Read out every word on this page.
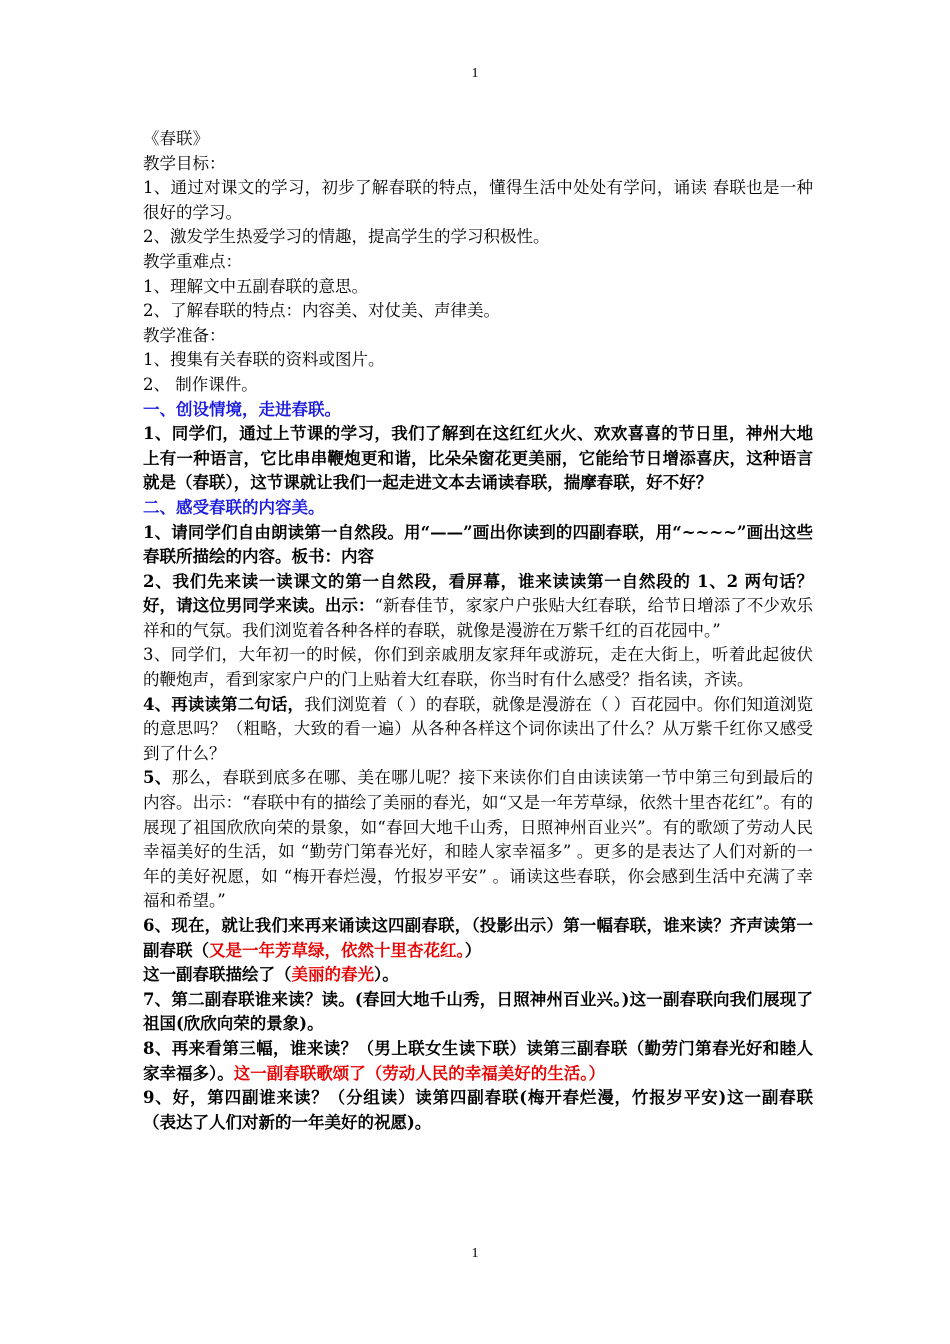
1

《春联》

教学目标：

1、通过对课文的学习，初步了解春联的特点，懂得生活中处处有学问，诵读 春联也是一种很好的学习。

2、激发学生热爱学习的情趣，提高学生的学习积极性。

教学重难点：

1、理解文中五副春联的意思。

2、了解春联的特点：内容美、对仗美、声律美。

教学准备：

1、搜集有关春联的资料或图片。

2、 制作课件。

一、创设情境，走进春联。

1、同学们，通过上节课的学习，我们了解到在这红红火火、欢欢喜喜的节日里，神州大地上有一种语言，它比串串鞭炮更和谐，比朵朵窗花更美丽，它能给节日增添喜庆，这种语言就是（春联），这节课就让我们一起走进文本去诵读春联，揣摩春联，好不好？

二、感受春联的内容美。

1、请同学们自由朗读第一自然段。用“——”画出你读到的四副春联，用“~~~~”画出这些春联所描绘的内容。板书：内容

2、我们先来读一读课文的第一自然段，看屏幕，谁来读读第一自然段的 1、2 两句话？好，请这位男同学来读。出示：“新春佳节，家家户户张贴大红春联，给节日增添了不少欢乐祥和的气氛。我们浏览着各种各样的春联，就像是漫游在万紫千红的百花园中。”

3、同学们，大年初一的时候，你们到亲戚朋友家拜年或游玩，走在大街上，听着此起彼伏的鞭炮声，看到家家户户的门上贴着大红春联，你当时有什么感受？指名读，齐读。

4、再读读第二句话，我们浏览着（ ）的春联，就像是漫游在（ ）百花园中。你们知道浏览的意思吗？（粗略，大致的看一遍）从各种各样这个词你读出了什么？从万紫千红你又感受到了什么？

5、那么，春联到底多在哪、美在哪儿呢？接下来读你们自由读读第一节中第三句到最后的内容。出示：“春联中有的描绘了美丽的春光，如“又是一年芳草绿，依然十里杏花红”。有的展现了祖国欣欣向荣的景象，如“春回大地千山秀，日照神州百业兴”。有的歌颂了劳动人民幸福美好的生活，如 “勤劳门第春光好，和睦人家幸福多” 。更多的是表达了人们对新的一年的美好祝愿，如 “梅开春烂漫，竹报岁平安” 。诵读这些春联，你会感到生活中充满了幸福和希望。”

6、现在，就让我们来再来诵读这四副春联，（投影出示）第一幅春联，谁来读？齐声读第一副春联（又是一年芳草绿，依然十里杏花红。）

这一副春联描绘了（美丽的春光）。

7、第二副春联谁来读？读。(春回大地千山秀，日照神州百业兴。)这一副春联向我们展现了祖国(欣欣向荣的景象)。

8、再来看第三幅，谁来读？（男上联女生读下联）读第三副春联（勤劳门第春光好和睦人家幸福多）。这一副春联歌颂了（劳动人民的幸福美好的生活。）

9、好，第四副谁来读？（分组读）读第四副春联(梅开春烂漫，竹报岁平安)这一副春联（表达了人们对新的一年美好的祝愿)。

1
